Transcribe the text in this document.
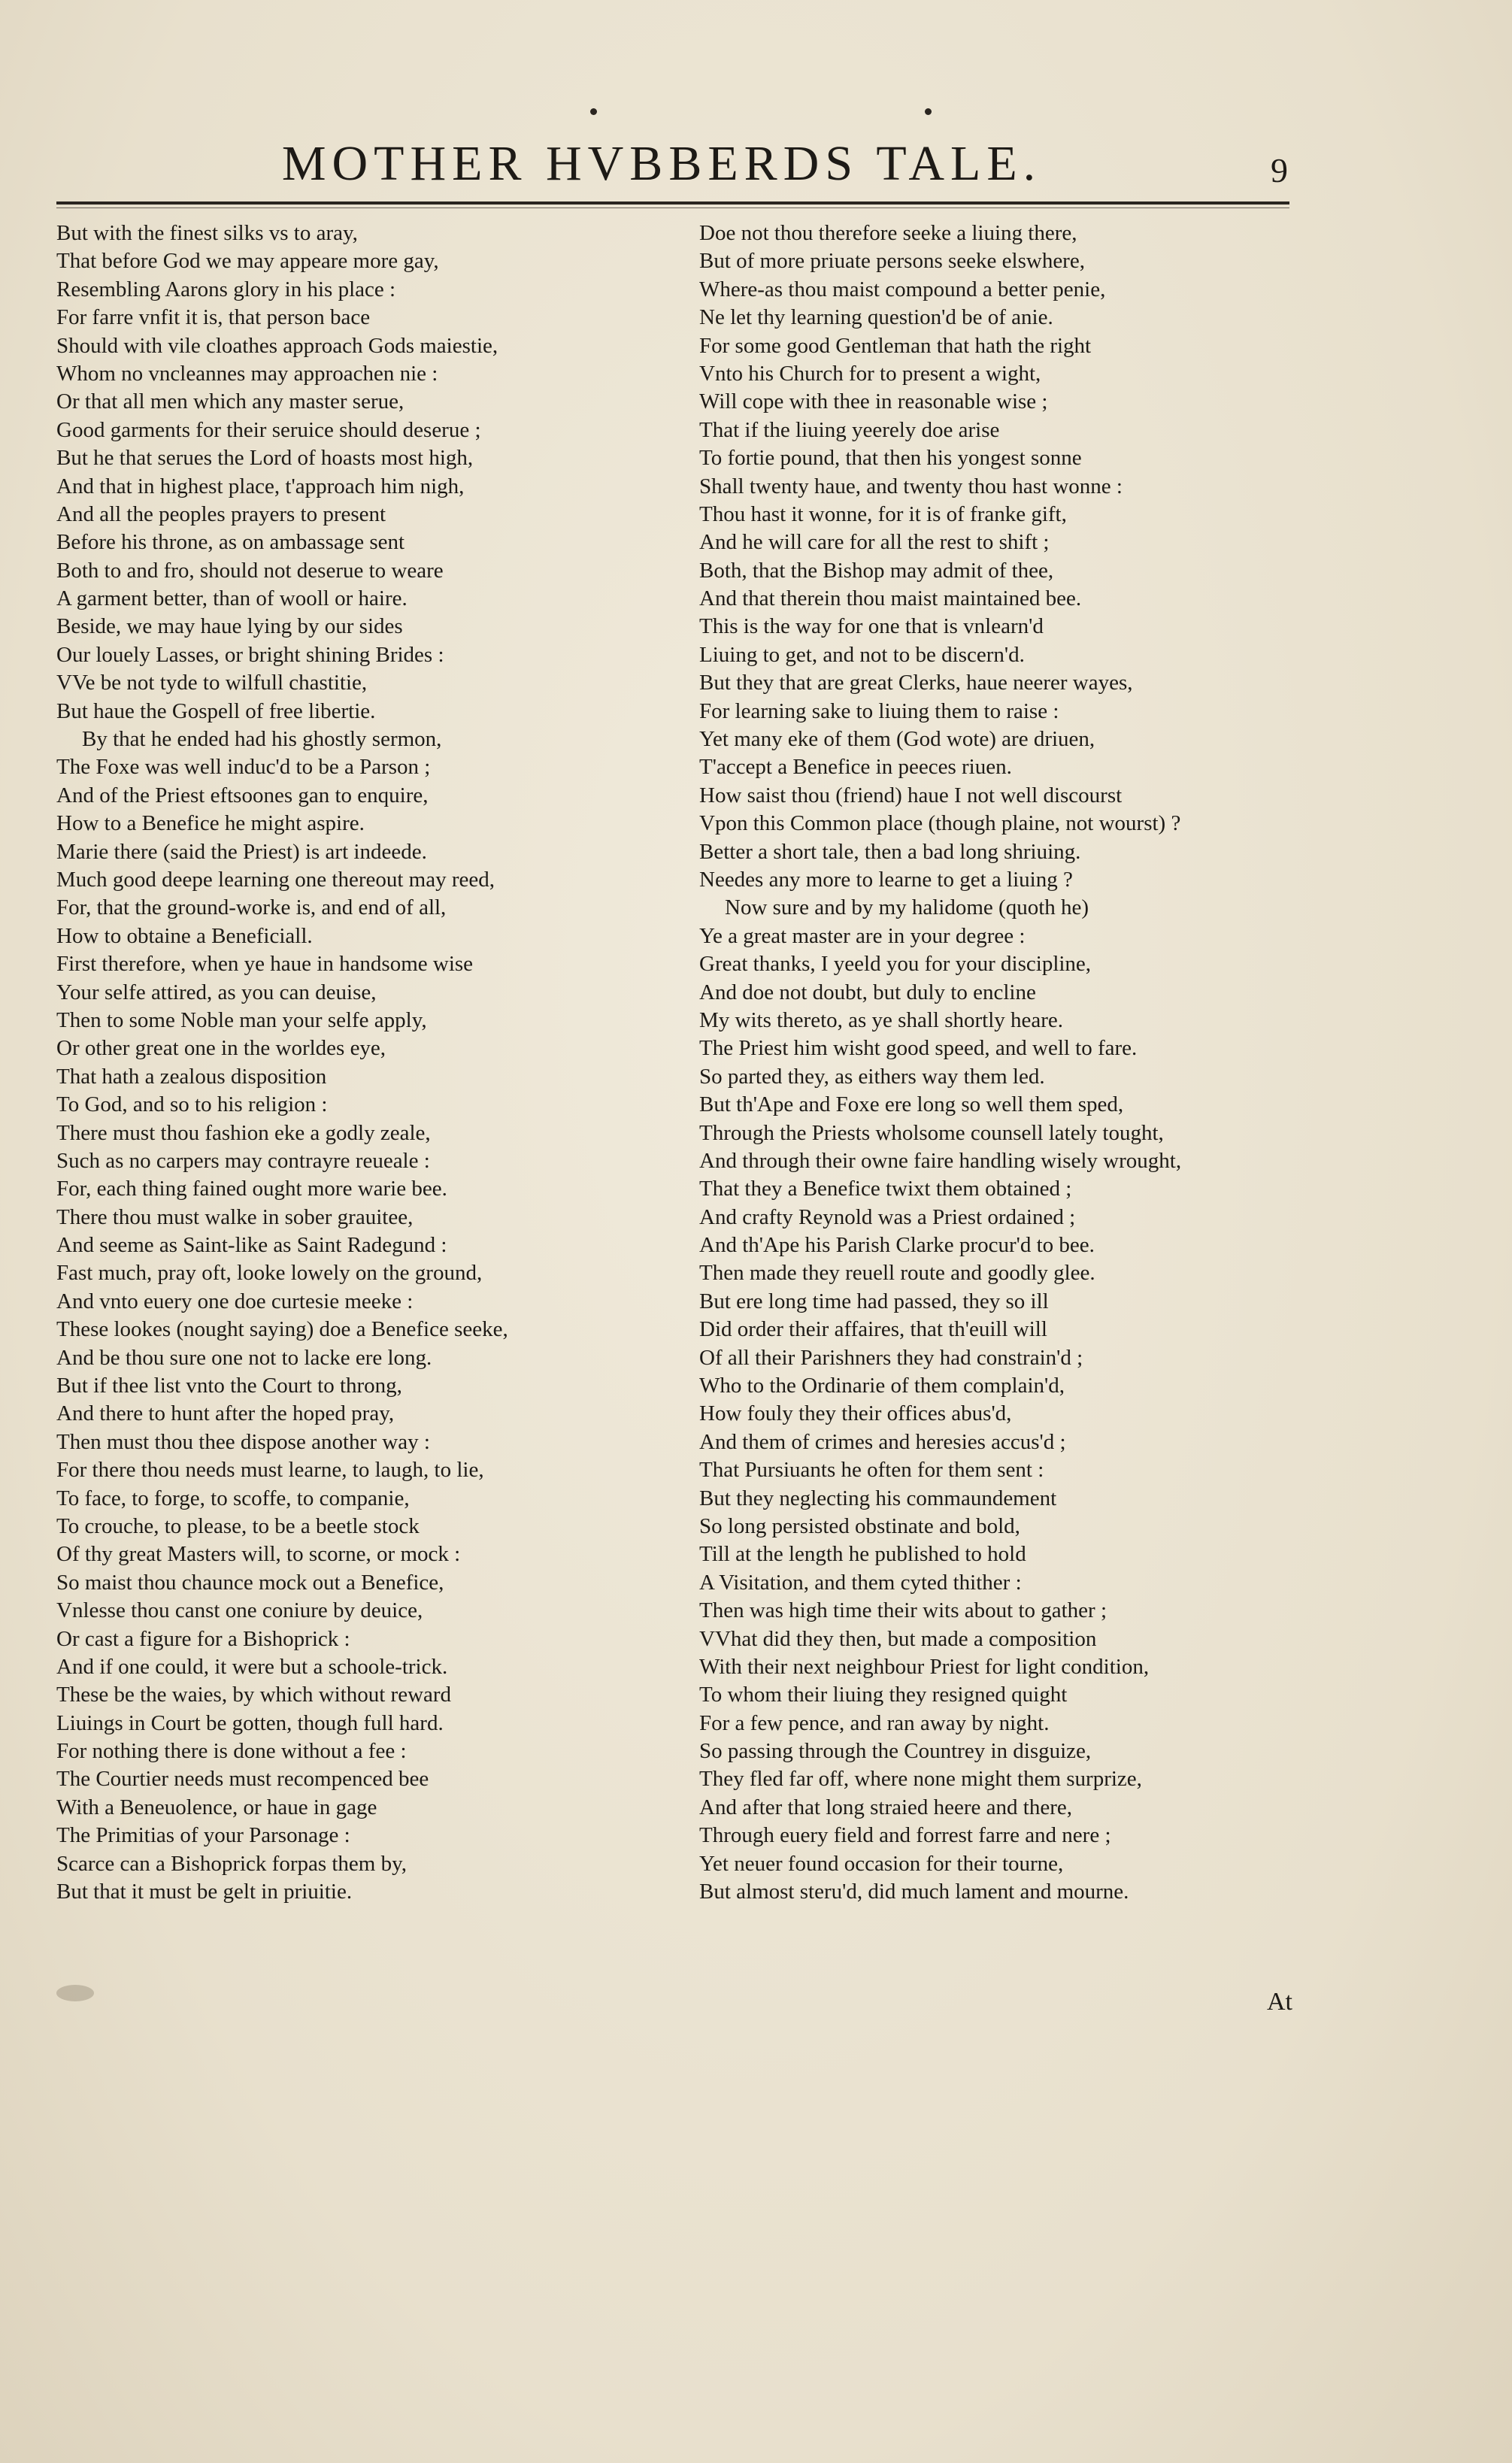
MOTHER HVBBERDS TALE.	9
But with the finest silks vs to aray,
That before God we may appeare more gay,
Resembling Aarons glory in his place :
For farre vnfit it is, that person bace
Should with vile cloathes approach Gods maiestie,
Whom no vncleannes may approachen nie :
Or that all men which any master serue,
Good garments for their seruice should deserue ;
But he that serues the Lord of hoasts most high,
And that in highest place, t'approach him nigh,
And all the peoples prayers to present
Before his throne, as on ambassage sent
Both to and fro, should not deserue to weare
A garment better, than of wooll or haire.
Beside, we may haue lying by our sides
Our louely Lasses, or bright shining Brides :
VVe be not tyde to wilfull chastitie,
But haue the Gospell of free libertie.
By that he ended had his ghostly sermon,
The Foxe was well induc'd to be a Parson ;
And of the Priest eftsoones gan to enquire,
How to a Benefice he might aspire.
Marie there (said the Priest) is art indeede.
Much good deepe learning one thereout may reed,
For, that the ground-worke is, and end of all,
How to obtaine a Beneficiall.
First therefore, when ye haue in handsome wise
Your selfe attired, as you can deuise,
Then to some Noble man your selfe apply,
Or other great one in the worldes eye,
That hath a zealous disposition
To God, and so to his religion :
There must thou fashion eke a godly zeale,
Such as no carpers may contrayre reueale :
For, each thing fained ought more warie bee.
There thou must walke in sober grauitee,
And seeme as Saint-like as Saint Radegund :
Fast much, pray oft, looke lowely on the ground,
And vnto euery one doe curtesie meeke :
These lookes (nought saying) doe a Benefice seeke,
And be thou sure one not to lacke ere long.
But if thee list vnto the Court to throng,
And there to hunt after the hoped pray,
Then must thou thee dispose another way :
For there thou needs must learne, to laugh, to lie,
To face, to forge, to scoffe, to companie,
To crouche, to please, to be a beetle stock
Of thy great Masters will, to scorne, or mock :
So maist thou chaunce mock out a Benefice,
Vnlesse thou canst one coniure by deuice,
Or cast a figure for a Bishoprick :
And if one could, it were but a schoole-trick.
These be the waies, by which without reward
Liuings in Court be gotten, though full hard.
For nothing there is done without a fee :
The Courtier needs must recompenced bee
With a Beneuolence, or haue in gage
The Primitias of your Parsonage :
Scarce can a Bishoprick forpas them by,
But that it must be gelt in priuitie.
Doe not thou therefore seeke a liuing there,
But of more priuate persons seeke elswhere,
Where-as thou maist compound a better penie,
Ne let thy learning question'd be of anie.
For some good Gentleman that hath the right
Vnto his Church for to present a wight,
Will cope with thee in reasonable wise ;
That if the liuing yeerely doe arise
To fortie pound, that then his yongest sonne
Shall twenty haue, and twenty thou hast wonne :
Thou hast it wonne, for it is of franke gift,
And he will care for all the rest to shift ;
Both, that the Bishop may admit of thee,
And that therein thou maist maintained bee.
This is the way for one that is vnlearn'd
Liuing to get, and not to be discern'd.
But they that are great Clerks, haue neerer wayes,
For learning sake to liuing them to raise :
Yet many eke of them (God wote) are driuen,
T'accept a Benefice in peeces riuen.
How saist thou (friend) haue I not well discourst
Vpon this Common place (though plaine, not wourst) ?
Better a short tale, then a bad long shriuing.
Needes any more to learne to get a liuing ?
Now sure and by my halidome (quoth he)
Ye a great master are in your degree :
Great thanks, I yeeld you for your discipline,
And doe not doubt, but duly to encline
My wits thereto, as ye shall shortly heare.
The Priest him wisht good speed, and well to fare.
So parted they, as eithers way them led.
But th'Ape and Foxe ere long so well them sped,
Through the Priests wholsome counsell lately tought,
And through their owne faire handling wisely wrought,
That they a Benefice twixt them obtained ;
And crafty Reynold was a Priest ordained ;
And th'Ape his Parish Clarke procur'd to bee.
Then made they reuell route and goodly glee.
But ere long time had passed, they so ill
Did order their affaires, that th'euill will
Of all their Parishners they had constrain'd ;
Who to the Ordinarie of them complain'd,
How fouly they their offices abus'd,
And them of crimes and heresies accus'd ;
That Pursiuants he often for them sent :
But they neglecting his commaundement
So long persisted obstinate and bold,
Till at the length he published to hold
A Visitation, and them cyted thither :
Then was high time their wits about to gather ;
VVhat did they then, but made a composition
With their next neighbour Priest for light condition,
To whom their liuing they resigned quight
For a few pence, and ran away by night.
So passing through the Countrey in disguize,
They fled far off, where none might them surprize,
And after that long straied heere and there,
Through euery field and forrest farre and nere ;
Yet neuer found occasion for their tourne,
But almost steru'd, did much lament and mourne.
At
